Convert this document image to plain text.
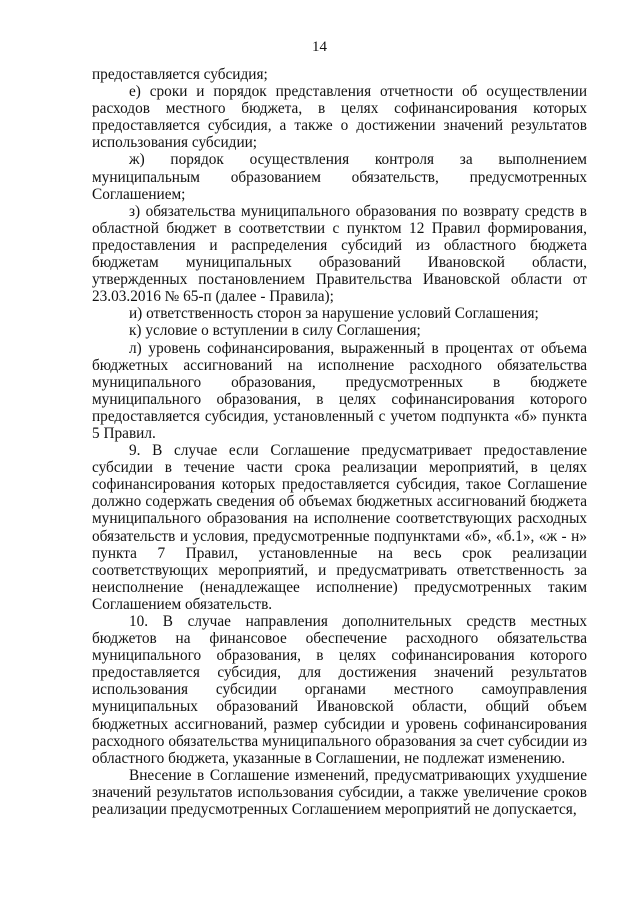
14

предоставляется субсидия;

е) сроки и порядок представления отчетности об осуществлении расходов местного бюджета, в целях софинансирования которых предоставляется субсидия, а также о достижении значений результатов использования субсидии;

ж) порядок осуществления контроля за выполнением муниципальным образованием обязательств, предусмотренных Соглашением;

з) обязательства муниципального образования по возврату средств в областной бюджет в соответствии с пунктом 12 Правил формирования, предоставления и распределения субсидий из областного бюджета бюджетам муниципальных образований Ивановской области, утвержденных постановлением Правительства Ивановской области от 23.03.2016 № 65-п (далее - Правила);

и) ответственность сторон за нарушение условий Соглашения;

к) условие о вступлении в силу Соглашения;

л) уровень софинансирования, выраженный в процентах от объема бюджетных ассигнований на исполнение расходного обязательства муниципального образования, предусмотренных в бюджете муниципального образования, в целях софинансирования которого предоставляется субсидия, установленный с учетом подпункта «б» пункта 5 Правил.

9. В случае если Соглашение предусматривает предоставление субсидии в течение части срока реализации мероприятий, в целях софинансирования которых предоставляется субсидия, такое Соглашение должно содержать сведения об объемах бюджетных ассигнований бюджета муниципального образования на исполнение соответствующих расходных обязательств и условия, предусмотренные подпунктами «б», «б.1», «ж - н» пункта 7 Правил, установленные на весь срок реализации соответствующих мероприятий, и предусматривать ответственность за неисполнение (ненадлежащее исполнение) предусмотренных таким Соглашением обязательств.

10. В случае направления дополнительных средств местных бюджетов на финансовое обеспечение расходного обязательства муниципального образования, в целях софинансирования которого предоставляется субсидия, для достижения значений результатов использования субсидии органами местного самоуправления муниципальных образований Ивановской области, общий объем бюджетных ассигнований, размер субсидии и уровень софинансирования расходного обязательства муниципального образования за счет субсидии из областного бюджета, указанные в Соглашении, не подлежат изменению.

Внесение в Соглашение изменений, предусматривающих ухудшение значений результатов использования субсидии, а также увеличение сроков реализации предусмотренных Соглашением мероприятий не допускается,
